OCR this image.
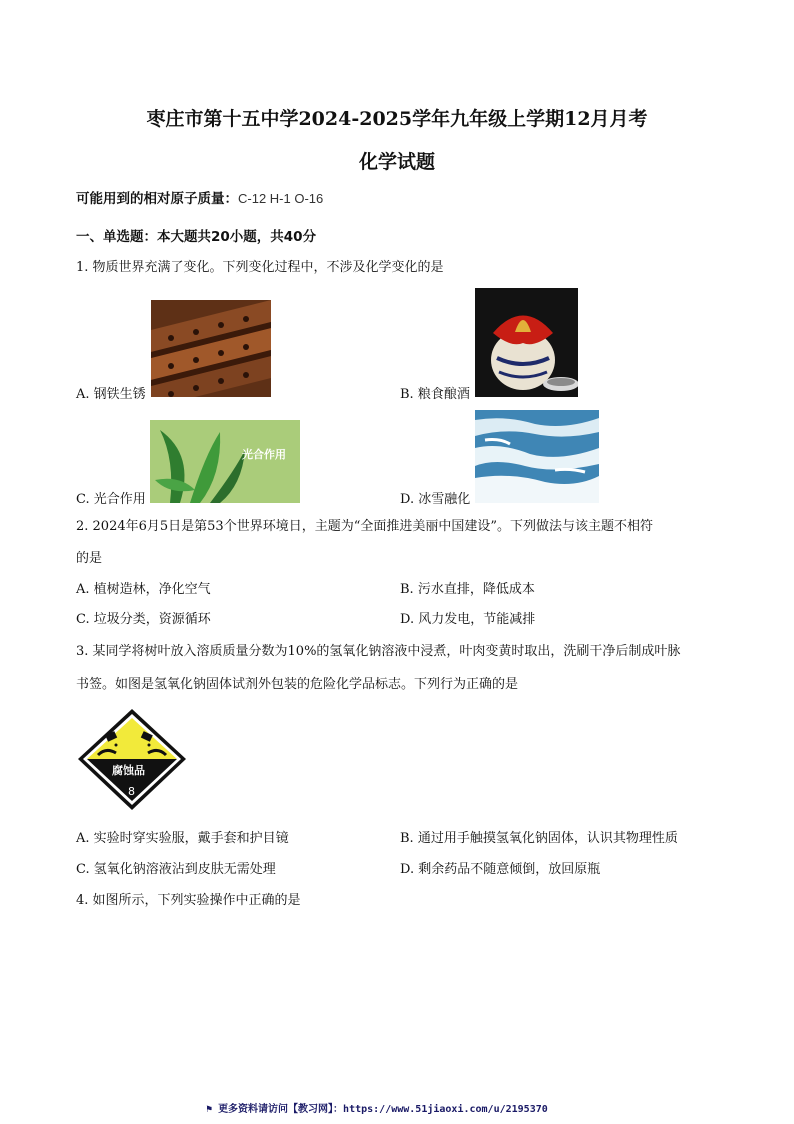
枣庄市第十五中学2024-2025学年九年级上学期12月月考
化学试题
可能用到的相对原子质量：C-12 H-1 O-16
一、单选题：本大题共20小题，共40分
1. 物质世界充满了变化。下列变化过程中，不涉及化学变化的是
A. 钢铁生锈	B. 粮食酿酒
光合作用
C. 光合作用	D. 冰雪融化
2. 2024年6月5日是第53个世界环境日，主题为“全面推进美丽中国建设”。下列做法与该主题不相符
的是
A. 植树造林，净化空气	B. 污水直排，降低成本
C. 垃圾分类，资源循环	D. 风力发电，节能减排
3. 某同学将树叶放入溶质质量分数为10%的氢氧化钠溶液中浸煮，叶肉变黄时取出，洗刷干净后制成叶脉
书签。如图是氢氧化钠固体试剂外包装的危险化学品标志。下列行为正确的是
腐蚀品
8
A. 实验时穿实验服，戴手套和护目镜	B. 通过用手触摸氢氧化钠固体，认识其物理性质
C. 氢氧化钠溶液沾到皮肤无需处理	D. 剩余药品不随意倾倒，放回原瓶
4. 如图所示，下列实验操作中正确的是
⚑ 更多资料请访问【教习网】：https://www.51jiaoxi.com/u/2195370
